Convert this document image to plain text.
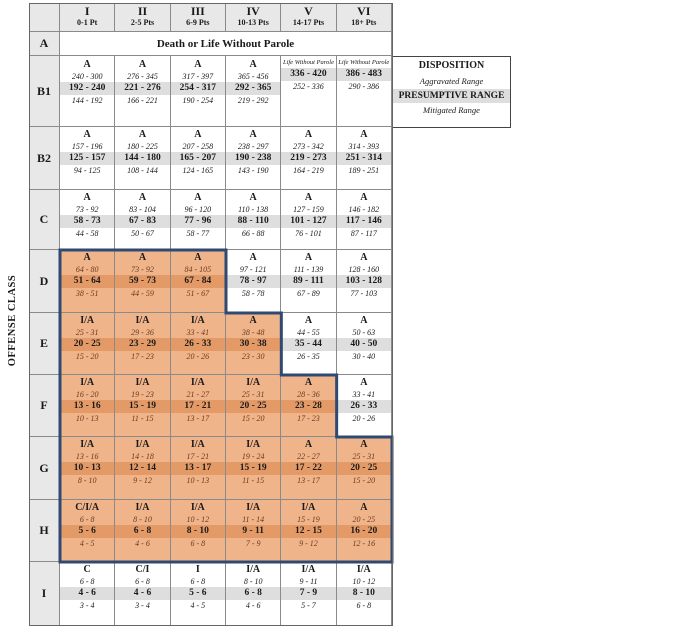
OFFENSE CLASS
I
0-1 Pt
II
2-5 Pts
III
6-9 Pts
IV
10-13 Pts
V
14-17 Pts
VI
18+ Pts
A
B1
A
240 - 300
192 - 240
144 - 192
A
276 - 345
221 - 276
166 - 221
A
317 - 397
254 - 317
190 - 254
A
365 - 456
292 - 365
219 - 292
Life Without Parole
336 - 420
252 - 336
Life Without Parole
386 - 483
290 - 386
B2
A
157 - 196
125 - 157
94 - 125
A
180 - 225
144 - 180
108 - 144
A
207 - 258
165 - 207
124 - 165
A
238 - 297
190 - 238
143 - 190
A
273 - 342
219 - 273
164 - 219
A
314 - 393
251 - 314
189 - 251
C
A
73 - 92
58 - 73
44 - 58
A
83 - 104
67 - 83
50 - 67
A
96 - 120
77 - 96
58 - 77
A
110 - 138
88 - 110
66 - 88
A
127 - 159
101 - 127
76 - 101
A
146 - 182
117 - 146
87 - 117
D
A
64 - 80
51 - 64
38 - 51
A
73 - 92
59 - 73
44 - 59
A
84 - 105
67 - 84
51 - 67
A
97 - 121
78 - 97
58 - 78
A
111 - 139
89 - 111
67 - 89
A
128 - 160
103 - 128
77 - 103
E
I/A
25 - 31
20 - 25
15 - 20
I/A
29 - 36
23 - 29
17 - 23
I/A
33 - 41
26 - 33
20 - 26
A
38 - 48
30 - 38
23 - 30
A
44 - 55
35 - 44
26 - 35
A
50 - 63
40 - 50
30 - 40
F
I/A
16 - 20
13 - 16
10 - 13
I/A
19 - 23
15 - 19
11 - 15
I/A
21 - 27
17 - 21
13 - 17
I/A
25 - 31
20 - 25
15 - 20
A
28 - 36
23 - 28
17 - 23
A
33 - 41
26 - 33
20 - 26
G
I/A
13 - 16
10 - 13
8 - 10
I/A
14 - 18
12 - 14
9 - 12
I/A
17 - 21
13 - 17
10 - 13
I/A
19 - 24
15 - 19
11 - 15
A
22 - 27
17 - 22
13 - 17
A
25 - 31
20 - 25
15 - 20
H
C/I/A
6 - 8
5 - 6
4 - 5
I/A
8 - 10
6 - 8
4 - 6
I/A
10 - 12
8 - 10
6 - 8
I/A
11 - 14
9 - 11
7 - 9
I/A
15 - 19
12 - 15
9 - 12
A
20 - 25
16 - 20
12 - 16
I
C
6 - 8
4 - 6
3 - 4
C/I
6 - 8
4 - 6
3 - 4
I
6 - 8
5 - 6
4 - 5
I/A
8 - 10
6 - 8
4 - 6
I/A
9 - 11
7 - 9
5 - 7
I/A
10 - 12
8 - 10
6 - 8
Death or Life Without Parole
DISPOSITION
Aggravated Range
PRESUMPTIVE RANGE
Mitigated Range
